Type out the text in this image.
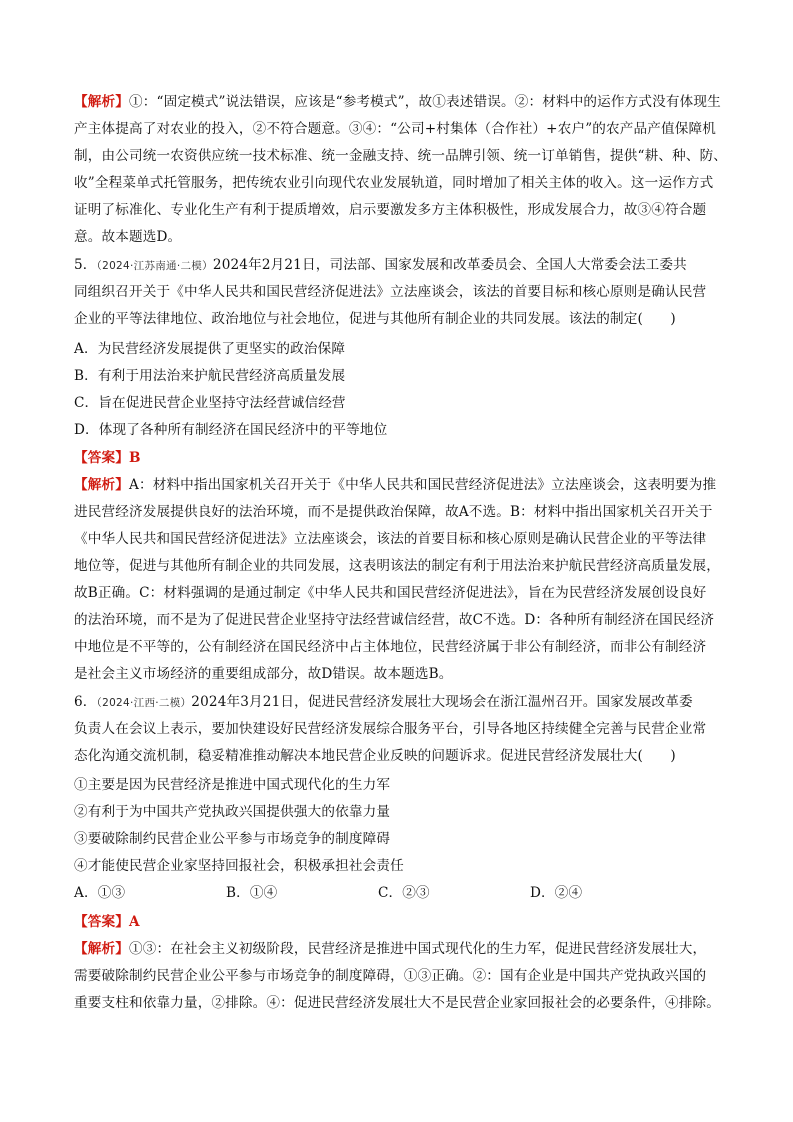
【解析】①：“固定模式”说法错误，应该是“参考模式”，故①表述错误。②：材料中的运作方式没有体现生
产主体提高了对农业的投入，②不符合题意。③④：“公司+村集体（合作社）+农户”的农产品产值保障机
制，由公司统一农资供应统一技术标准、统一金融支持、统一品牌引领、统一订单销售，提供“耕、种、防、
收”全程菜单式托管服务，把传统农业引向现代农业发展轨道，同时增加了相关主体的收入。这一运作方式
证明了标准化、专业化生产有利于提质增效，启示要激发多方主体积极性，形成发展合力，故③④符合题
意。故本题选D。
5．（2024·江苏南通·二模）2024年2月21日，司法部、国家发展和改革委员会、全国人大常委会法工委共
同组织召开关于《中华人民共和国民营经济促进法》立法座谈会，该法的首要目标和核心原则是确认民营
企业的平等法律地位、政治地位与社会地位，促进与其他所有制企业的共同发展。该法的制定(　　)
A．为民营经济发展提供了更坚实的政治保障
B．有利于用法治来护航民营经济高质量发展
C．旨在促进民营企业坚持守法经营诚信经营
D．体现了各种所有制经济在国民经济中的平等地位
【答案】B
【解析】A：材料中指出国家机关召开关于《中华人民共和国民营经济促进法》立法座谈会，这表明要为推
进民营经济发展提供良好的法治环境，而不是提供政治保障，故A不选。B：材料中指出国家机关召开关于
《中华人民共和国民营经济促进法》立法座谈会，该法的首要目标和核心原则是确认民营企业的平等法律
地位等，促进与其他所有制企业的共同发展，这表明该法的制定有利于用法治来护航民营经济高质量发展，
故B正确。C：材料强调的是通过制定《中华人民共和国民营经济促进法》，旨在为民营经济发展创设良好
的法治环境，而不是为了促进民营企业坚持守法经营诚信经营，故C不选。D：各种所有制经济在国民经济
中地位是不平等的，公有制经济在国民经济中占主体地位，民营经济属于非公有制经济，而非公有制经济
是社会主义市场经济的重要组成部分，故D错误。故本题选B。
6．（2024·江西·二模）2024年3月21日，促进民营经济发展壮大现场会在浙江温州召开。国家发展改革委
负责人在会议上表示，要加快建设好民营经济发展综合服务平台，引导各地区持续健全完善与民营企业常
态化沟通交流机制，稳妥精准推动解决本地民营企业反映的问题诉求。促进民营经济发展壮大(　　)
①主要是因为民营经济是推进中国式现代化的生力军
②有利于为中国共产党执政兴国提供强大的依靠力量
③要破除制约民营企业公平参与市场竞争的制度障碍
④才能使民营企业家坚持回报社会，积极承担社会责任
A．①③	B．①④	C．②③	D．②④
【答案】A
【解析】①③：在社会主义初级阶段，民营经济是推进中国式现代化的生力军，促进民营经济发展壮大，
需要破除制约民营企业公平参与市场竞争的制度障碍，①③正确。②：国有企业是中国共产党执政兴国的
重要支柱和依靠力量，②排除。④：促进民营经济发展壮大不是民营企业家回报社会的必要条件，④排除。
